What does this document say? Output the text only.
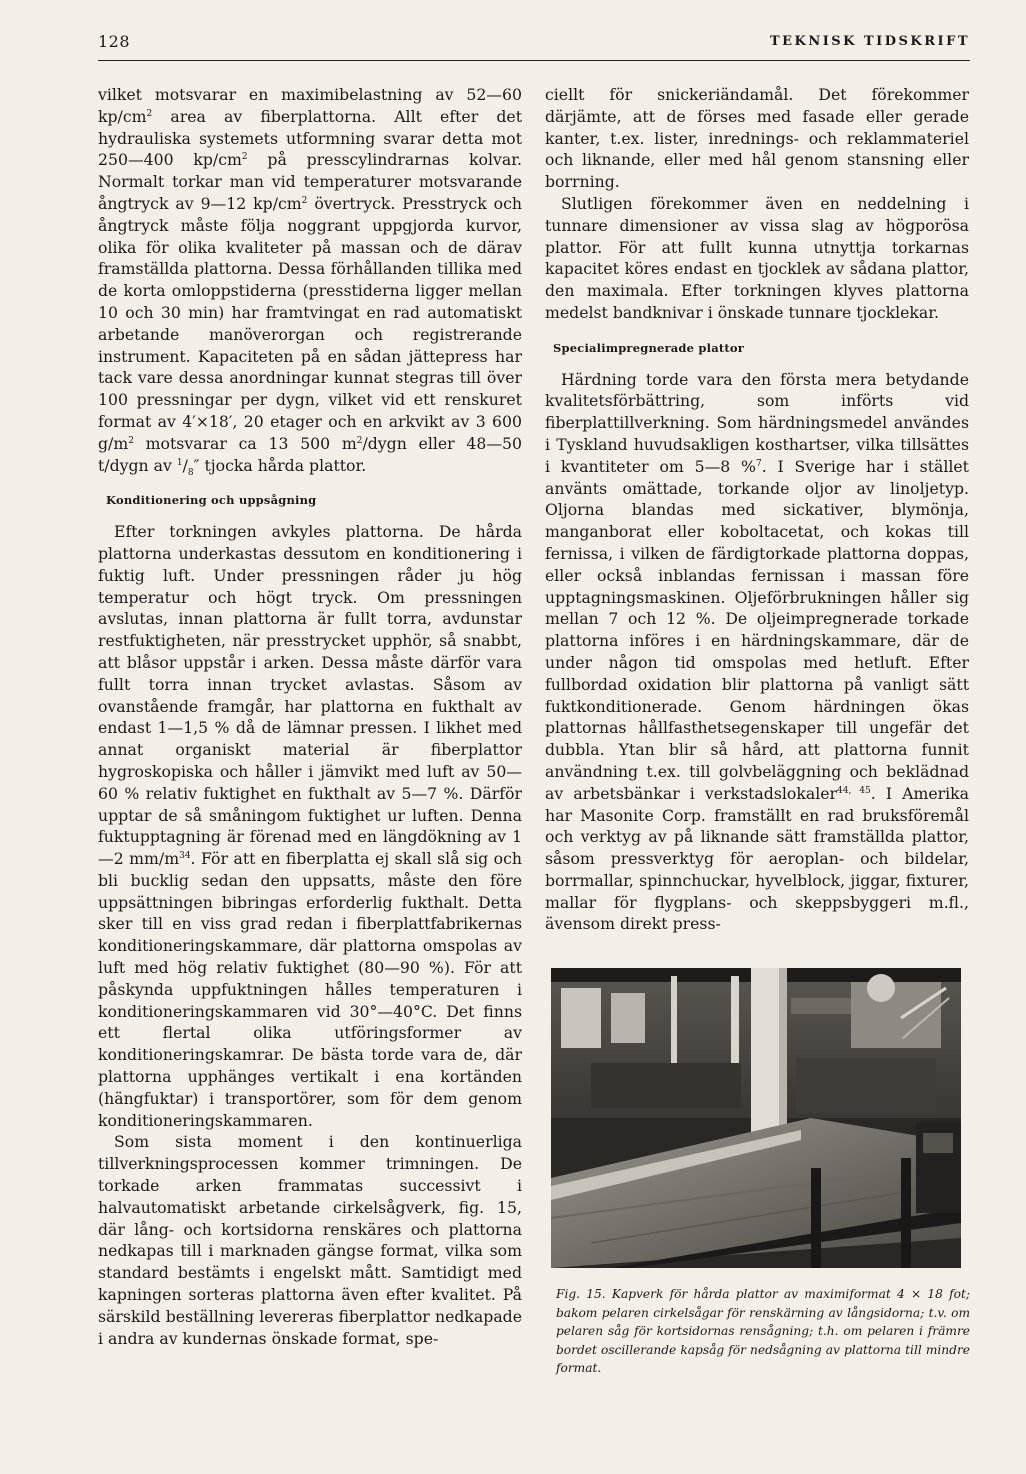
128	TEKNISK TIDSKRIFT

vilket motsvarar en maximibelastning av 52—60 $kp/cm^2$ area av fiberplattorna. Allt efter det hydrauliska systemets utformning svarar detta mot 250—400 $kp/cm^2$ på presscylindrarnas kolvar. Normalt torkar man vid temperaturer motsvarande ångtryck av 9—12 $kp/cm^2$ övertryck. Presstryck och ångtryck måste följa noggrant uppgjorda kurvor, olika för olika kvaliteter på massan och de därav framställda plattorna. Dessa förhållanden tillika med de korta omloppstiderna (presstiderna ligger mellan 10 och 30 min) har framtvingat en rad automatiskt arbetande manöverorgan och registrerande instrument. Kapaciteten på en sådan jättepress har tack vare dessa anordningar kunnat stegras till över 100 pressningar per dygn, vilket vid ett renskuret format av 4′×18′, 20 etager och en arkvikt av 3 600 $g/m^2$ motsvarar ca 13 500 $m^2$/dygn eller 48—50 t/dygn av $^1/_8''$ tjocka hårda plattor.

Konditionering och uppsågning

Efter torkningen avkyles plattorna. De hårda plattorna underkastas dessutom en konditionering i fuktig luft. Under pressningen råder ju hög temperatur och högt tryck. Om pressningen avslutas, innan plattorna är fullt torra, avdunstar restfuktigheten, när presstrycket upphör, så snabbt, att blåsor uppstår i arken. Dessa måste därför vara fullt torra innan trycket avlastas. Såsom av ovanstående framgår, har plattorna en fukthalt av endast 1—1,5 % då de lämnar pressen. I likhet med annat organiskt material är fiberplattor hygroskopiska och håller i jämvikt med luft av 50—60 % relativ fuktighet en fukthalt av 5—7 %. Därför upptar de så småningom fuktighet ur luften. Denna fuktupptagning är förenad med en längdökning av 1—2 $mm/m^{34}$. För att en fiberplatta ej skall slå sig och bli bucklig sedan den uppsatts, måste den före uppsättningen bibringas erforderlig fukthalt. Detta sker till en viss grad redan i fiberplattfabrikernas konditioneringskammare, där plattorna omspolas av luft med hög relativ fuktighet (80—90 %). För att påskynda uppfuktningen hålles temperaturen i konditioneringskammaren vid 30°—40°C. Det finns ett flertal olika utföringsformer av konditioneringskamrar. De bästa torde vara de, där plattorna upphänges vertikalt i ena kortänden (hängfuktar) i transportörer, som för dem genom konditioneringskammaren.

Som sista moment i den kontinuerliga tillverkningsprocessen kommer trimningen. De torkade arken frammatas successivt i halvautomatiskt arbetande cirkelsågverk, fig. 15, där lång- och kortsidorna renskäres och plattorna nedkapas till i marknaden gängse format, vilka som standard bestämts i engelskt mått. Samtidigt med kapningen sorteras plattorna även efter kvalitet. På särskild beställning levereras fiberplattor nedkapade i andra av kundernas önskade format, spe-

ciellt för snickeriändamål. Det förekommer därjämte, att de förses med fasade eller gerade kanter, t.ex. lister, inrednings- och reklammateriel och liknande, eller med hål genom stansning eller borrning.

Slutligen förekommer även en neddelning i tunnare dimensioner av vissa slag av högporösa plattor. För att fullt kunna utnyttja torkarnas kapacitet köres endast en tjocklek av sådana plattor, den maximala. Efter torkningen klyves plattorna medelst bandknivar i önskade tunnare tjocklekar.

Specialimpregnerade plattor

Härdning torde vara den första mera betydande kvalitetsförbättring, som införts vid fiberplattillverkning. Som härdningsmedel användes i Tyskland huvudsakligen kosthartser, vilka tillsättes i kvantiteter om 5—8 %$^7$. I Sverige har i stället använts omättade, torkande oljor av linoljetyp. Oljorna blandas med sickativer, blymönja, manganborat eller koboltacetat, och kokas till fernissa, i vilken de färdigtorkade plattorna doppas, eller också inblandas fernissan i massan före upptagningsmaskinen. Oljeförbrukningen håller sig mellan 7 och 12 %. De oljeimpregnerade torkade plattorna införes i en härdningskammare, där de under någon tid omspolas med hetluft. Efter fullbordad oxidation blir plattorna på vanligt sätt fuktkonditionerade. Genom härdningen ökas plattornas hållfasthetsegenskaper till ungefär det dubbla. Ytan blir så hård, att plattorna funnit användning t.ex. till golvbeläggning och beklädnad av arbetsbänkar i verkstadslokaler$^{44, 45}$. I Amerika har Masonite Corp. framställt en rad bruksföremål och verktyg av på liknande sätt framställda plattor, såsom pressverktyg för aeroplan- och bildelar, borrmallar, spinnchuckar, hyvelblock, jiggar, fixturer, mallar för flygplans- och skeppsbyggeri m.fl., ävensom direkt press-

Fig. 15. Kapverk för hårda plattor av maximiformat 4 × 18 fot; bakom pelaren cirkelsågar för renskärning av långsidorna; t.v. om pelaren såg för kortsidornas rensågning; t.h. om pelaren i främre bordet oscillerande kapsåg för nedsågning av plattorna till mindre format.
